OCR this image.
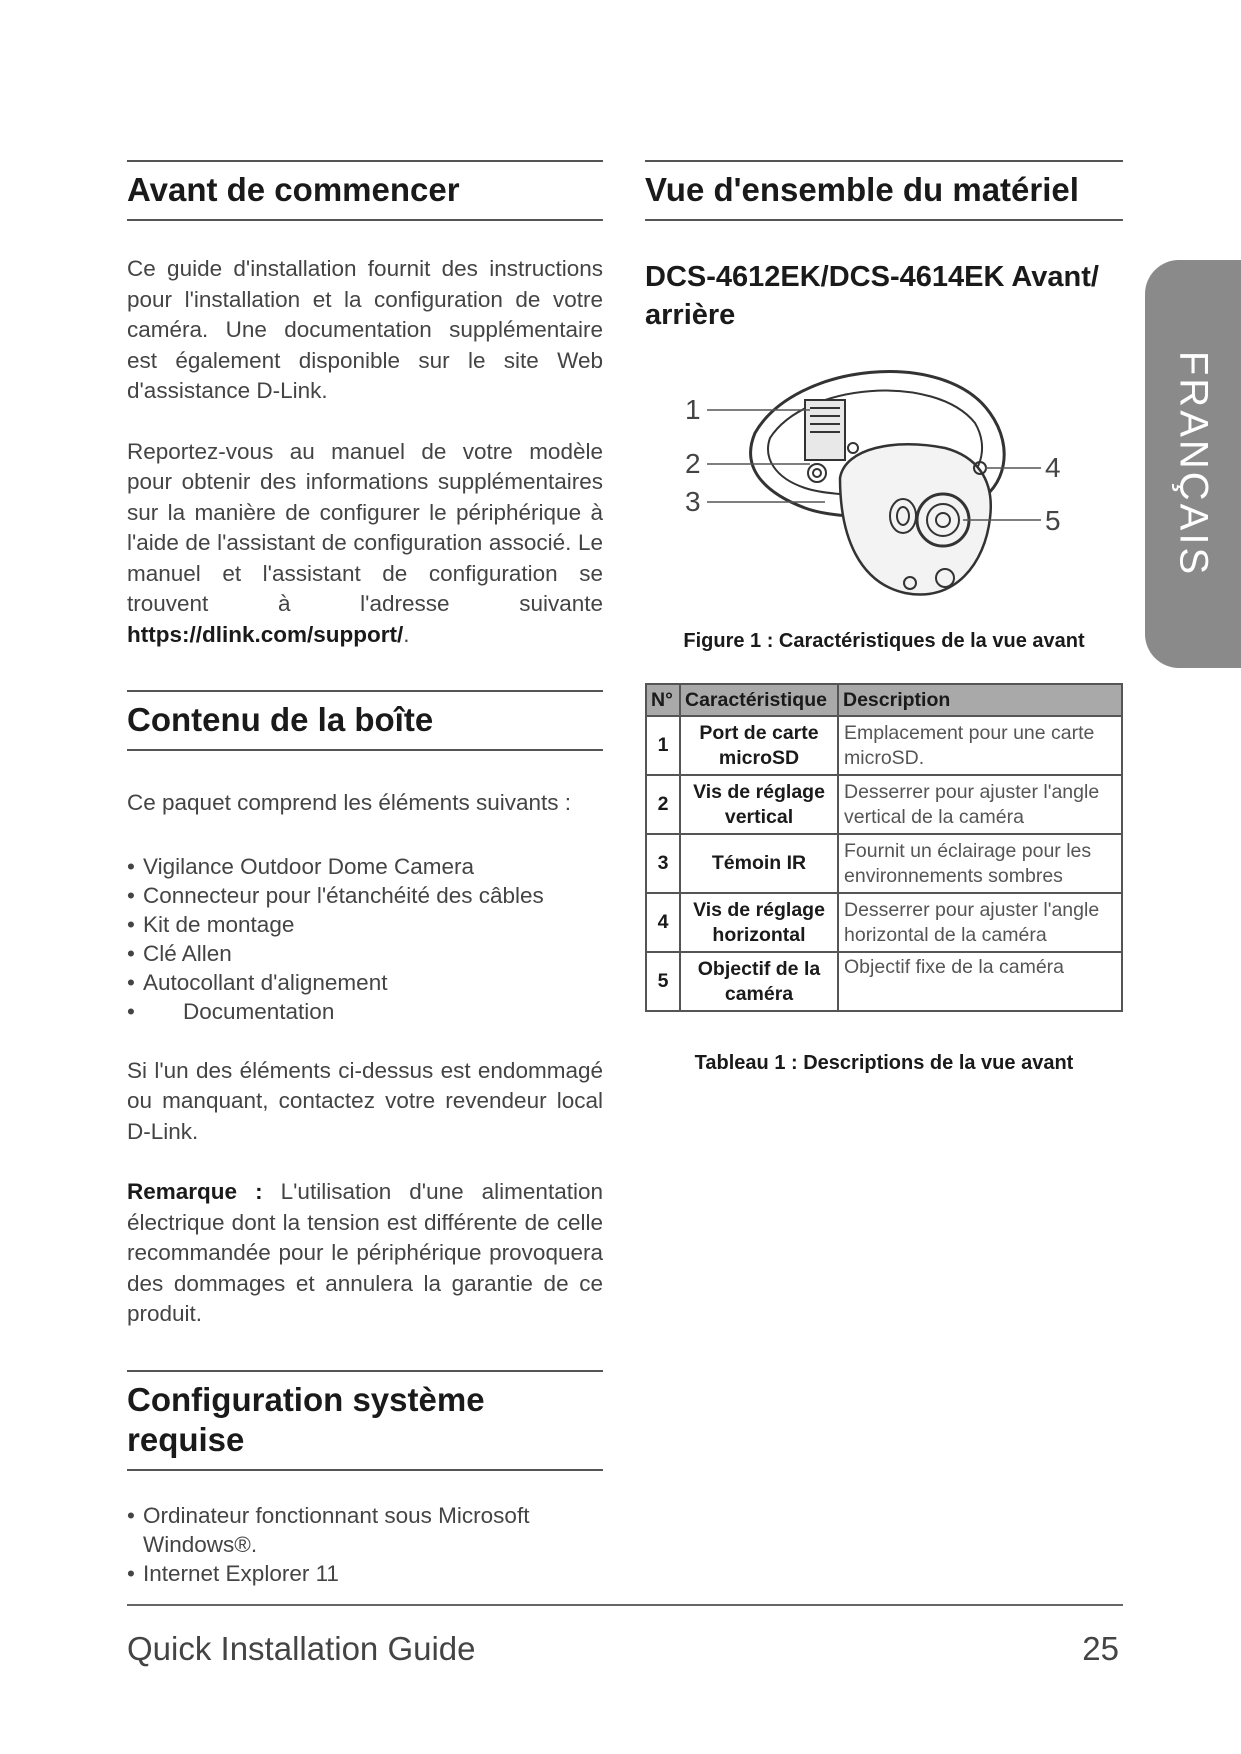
FRANÇAIS
Avant de commencer

Ce guide d'installation fournit des instructions pour l'installation et la configuration de votre caméra. Une documentation supplémentaire est également disponible sur le site Web d'assistance D-Link.

Reportez-vous au manuel de votre modèle pour obtenir des informations supplémentaires sur la manière de configurer le périphérique à l'aide de l'assistant de configuration associé. Le manuel et l'assistant de configuration se trouvent à l'adresse suivante https://dlink.com/support/.

Contenu de la boîte

Ce paquet comprend les éléments suivants :

• Vigilance Outdoor Dome Camera
• Connecteur pour l'étanchéité des câbles
• Kit de montage
• Clé Allen
• Autocollant d'alignement
• Documentation

Si l'un des éléments ci-dessus est endommagé ou manquant, contactez votre revendeur local D-Link.

Remarque : L'utilisation d'une alimentation électrique dont la tension est différente de celle recommandée pour le périphérique provoquera des dommages et annulera la garantie de ce produit.

Configuration système requise
• Ordinateur fonctionnant sous Microsoft Windows®.
• Internet Explorer 11
Vue d'ensemble du matériel

DCS-4612EK/DCS-4614EK Avant/ arrière

1
2
3
4
5
Figure 1 : Caractéristiques de la vue avant
N°	Caractéristique	Description
1	Port de carte microSD	Emplacement pour une carte microSD.
2	Vis de réglage vertical	Desserrer pour ajuster l'angle vertical de la caméra
3	Témoin IR	Fournit un éclairage pour les environnements sombres
4	Vis de réglage horizontal	Desserrer pour ajuster l'angle horizontal de la caméra
5	Objectif de la caméra	Objectif fixe de la caméra
Tableau 1 : Descriptions de la vue avant
Quick Installation Guide	25
